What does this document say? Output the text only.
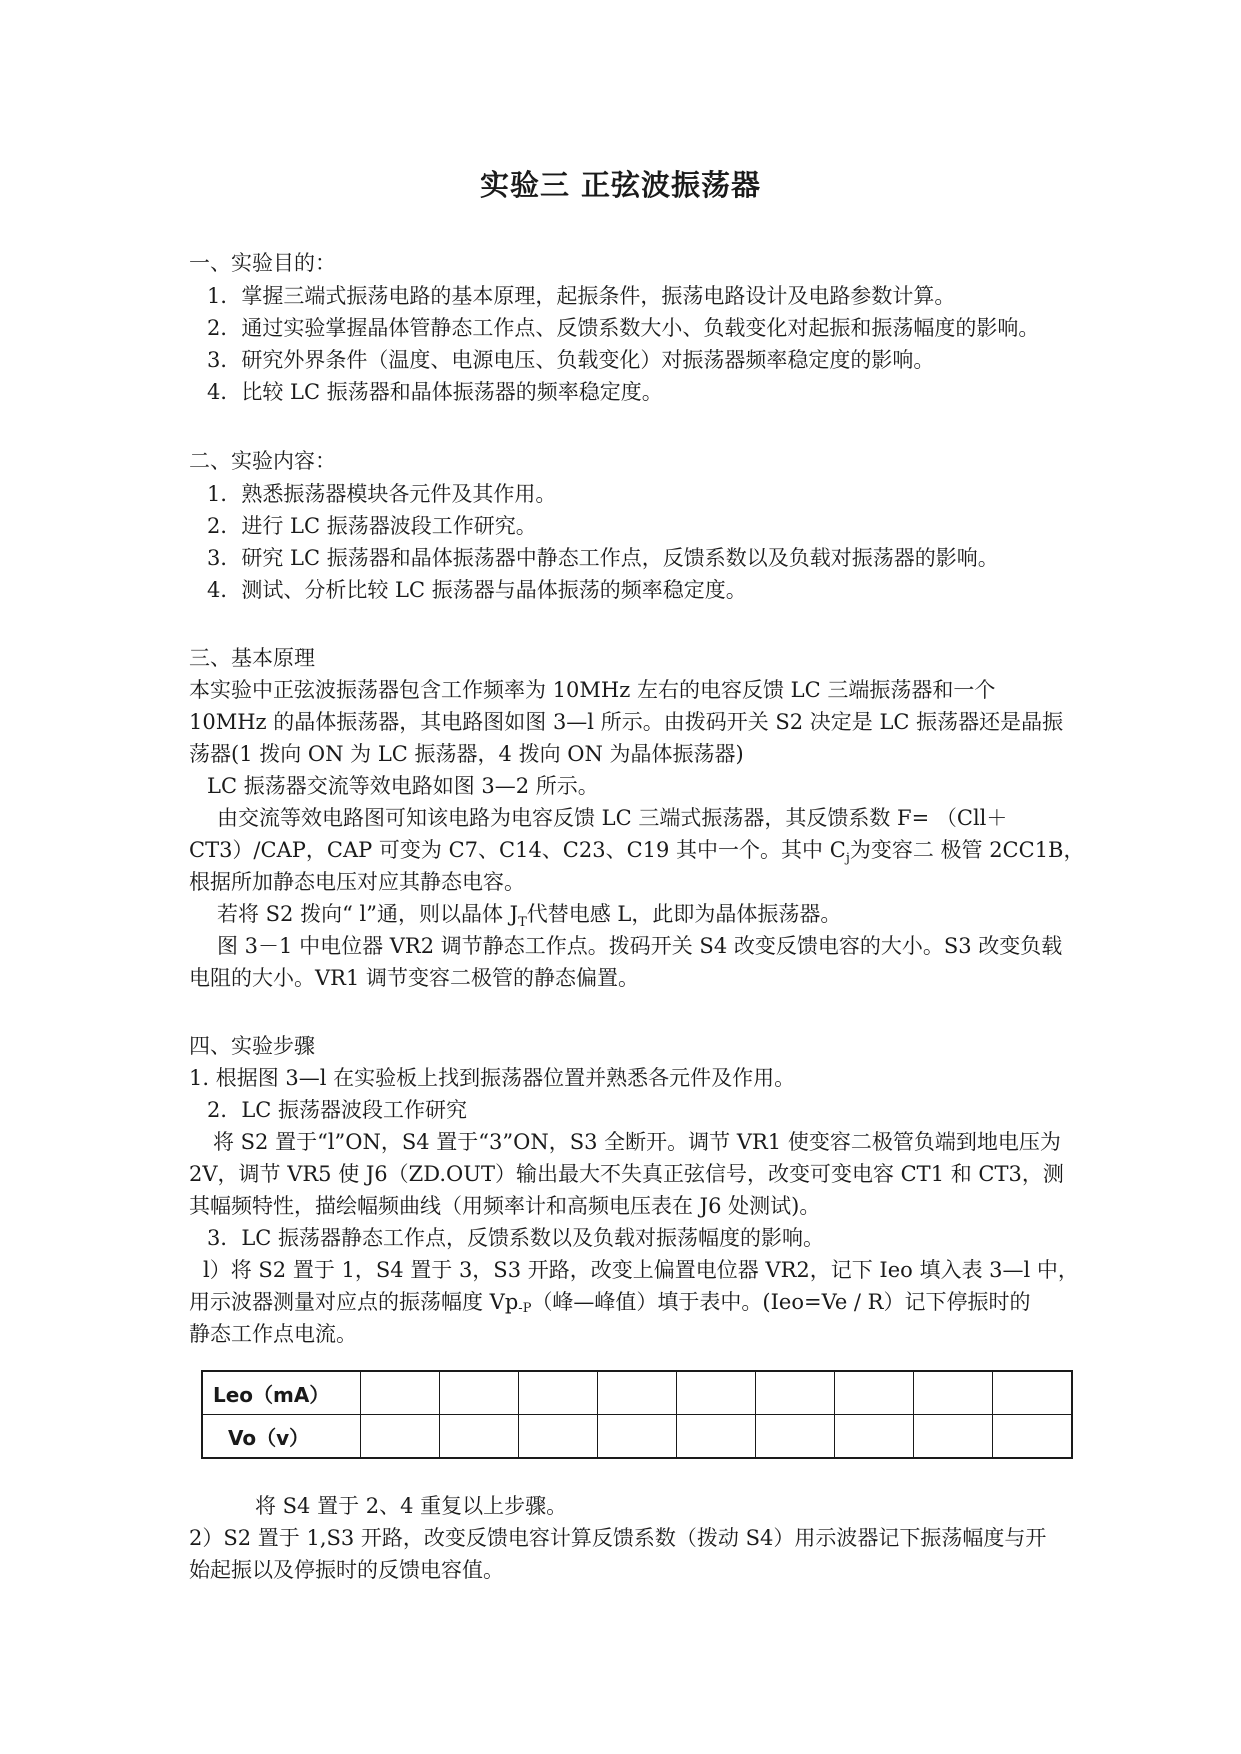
实验三 正弦波振荡器
一、实验目的：
1．掌握三端式振荡电路的基本原理，起振条件，振荡电路设计及电路参数计算。
2．通过实验掌握晶体管静态工作点、反馈系数大小、负载变化对起振和振荡幅度的影响。
3．研究外界条件（温度、电源电压、负载变化）对振荡器频率稳定度的影响。
4．比较 LC 振荡器和晶体振荡器的频率稳定度。
二、实验内容：
1．熟悉振荡器模块各元件及其作用。
2．进行 LC 振荡器波段工作研究。
3．研究 LC 振荡器和晶体振荡器中静态工作点，反馈系数以及负载对振荡器的影响。
4．测试、分析比较 LC 振荡器与晶体振荡的频率稳定度。
三、基本原理
本实验中正弦波振荡器包含工作频率为 10MHz 左右的电容反馈 LC 三端振荡器和一个
10MHz 的晶体振荡器，其电路图如图 3—l 所示。由拨码开关 S2 决定是 LC 振荡器还是晶振
荡器(1 拨向 ON 为 LC 振荡器，4 拨向 ON 为晶体振荡器)
LC 振荡器交流等效电路如图 3—2 所示。
由交流等效电路图可知该电路为电容反馈 LC 三端式振荡器，其反馈系数 F= （Cll＋
CT3）/CAP，CAP 可变为 C7、C14、C23、C19 其中一个。其中 $C_j$为变容二 极管 2CC1B，
根据所加静态电压对应其静态电容。
若将 S2 拨向“ l”通，则以晶体 $J_T$代替电感 L，此即为晶体振荡器。
图 3－1 中电位器 VR2 调节静态工作点。拨码开关 S4 改变反馈电容的大小。S3 改变负载
电阻的大小。VR1 调节变容二极管的静态偏置。
四、实验步骤
1. 根据图 3—l 在实验板上找到振荡器位置并熟悉各元件及作用。
2．LC 振荡器波段工作研究
将 S2 置于“l”ON，S4 置于“3”ON，S3 全断开。调节 VR1 使变容二极管负端到地电压为
2V，调节 VR5 使 J6（ZD.OUT）输出最大不失真正弦信号，改变可变电容 CT1 和 CT3，测
其幅频特性，描绘幅频曲线（用频率计和高频电压表在 J6 处测试)。
3．LC 振荡器静态工作点，反馈系数以及负载对振荡幅度的影响。
l）将 S2 置于 1，S4 置于 3，S3 开路，改变上偏置电位器 VR2，记下 Ieo 填入表 3—l 中，
用示波器测量对应点的振荡幅度 Vp-P（峰—峰值）填于表中。(Ieo=Ve / R）记下停振时的
静态工作点电流。
Leo（mA）									
Vo（v）									
将 S4 置于 2、4 重复以上步骤。
2）S2 置于 1,S3 开路，改变反馈电容计算反馈系数（拨动 S4）用示波器记下振荡幅度与开
始起振以及停振时的反馈电容值。
